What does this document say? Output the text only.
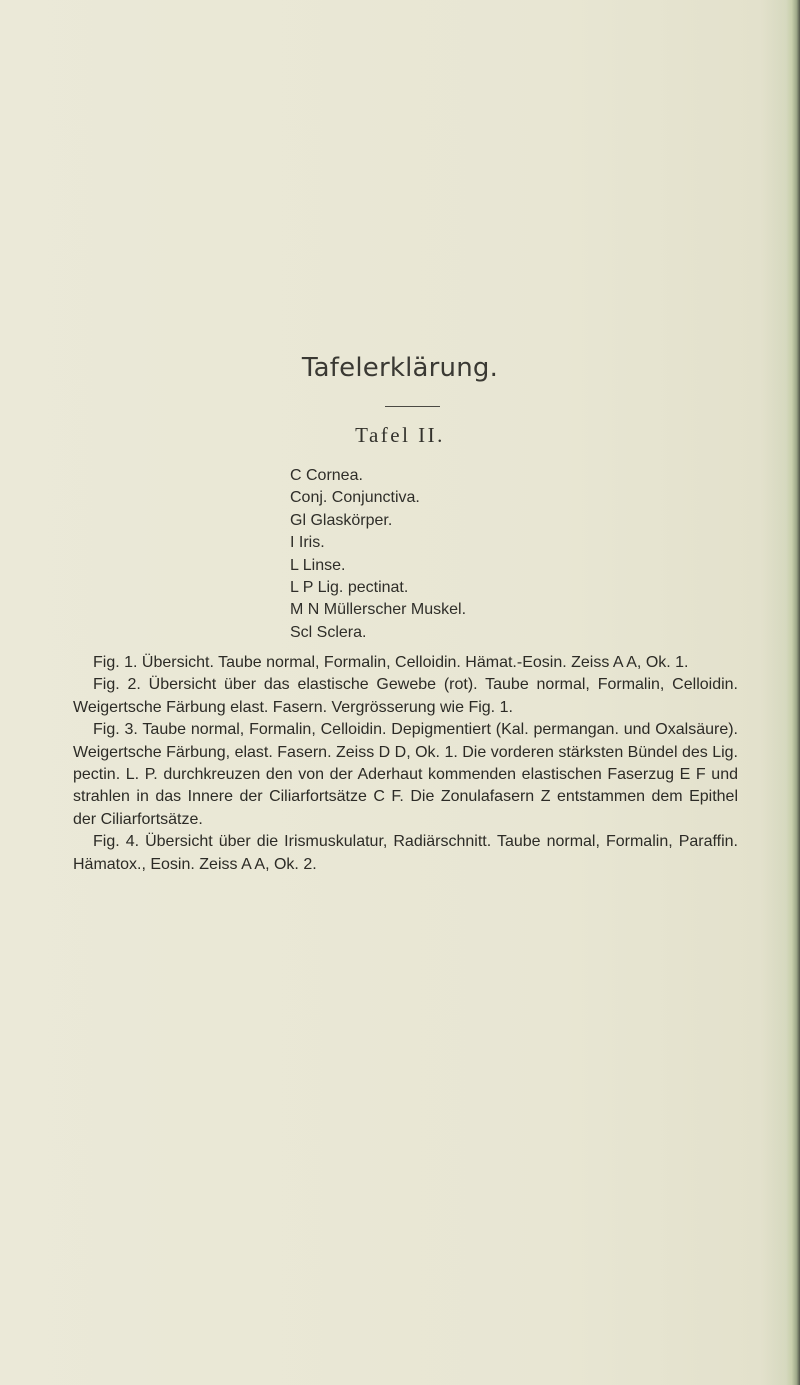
Tafelerklärung.
Tafel II.
C Cornea.
Conj. Conjunctiva.
Gl Glaskörper.
I Iris.
L Linse.
L P Lig. pectinat.
M N Müllerscher Muskel.
Scl Sclera.

Fig. 1. Übersicht. Taube normal, Formalin, Celloidin. Hämat.-Eosin. Zeiss A A, Ok. 1.

Fig. 2. Übersicht über das elastische Gewebe (rot). Taube normal, Formalin, Celloidin. Weigertsche Färbung elast. Fasern. Vergrösserung wie Fig. 1.

Fig. 3. Taube normal, Formalin, Celloidin. Depigmentiert (Kal. permangan. und Oxalsäure). Weigertsche Färbung, elast. Fasern. Zeiss D D, Ok. 1. Die vorderen stärksten Bündel des Lig. pectin. L. P. durchkreuzen den von der Aderhaut kommenden elastischen Faserzug E F und strahlen in das Innere der Ciliarfortsätze C F. Die Zonulafasern Z entstammen dem Epithel der Ciliarfortsätze.

Fig. 4. Übersicht über die Irismuskulatur, Radiärschnitt. Taube normal, Formalin, Paraffin. Hämatox., Eosin. Zeiss A A, Ok. 2.
